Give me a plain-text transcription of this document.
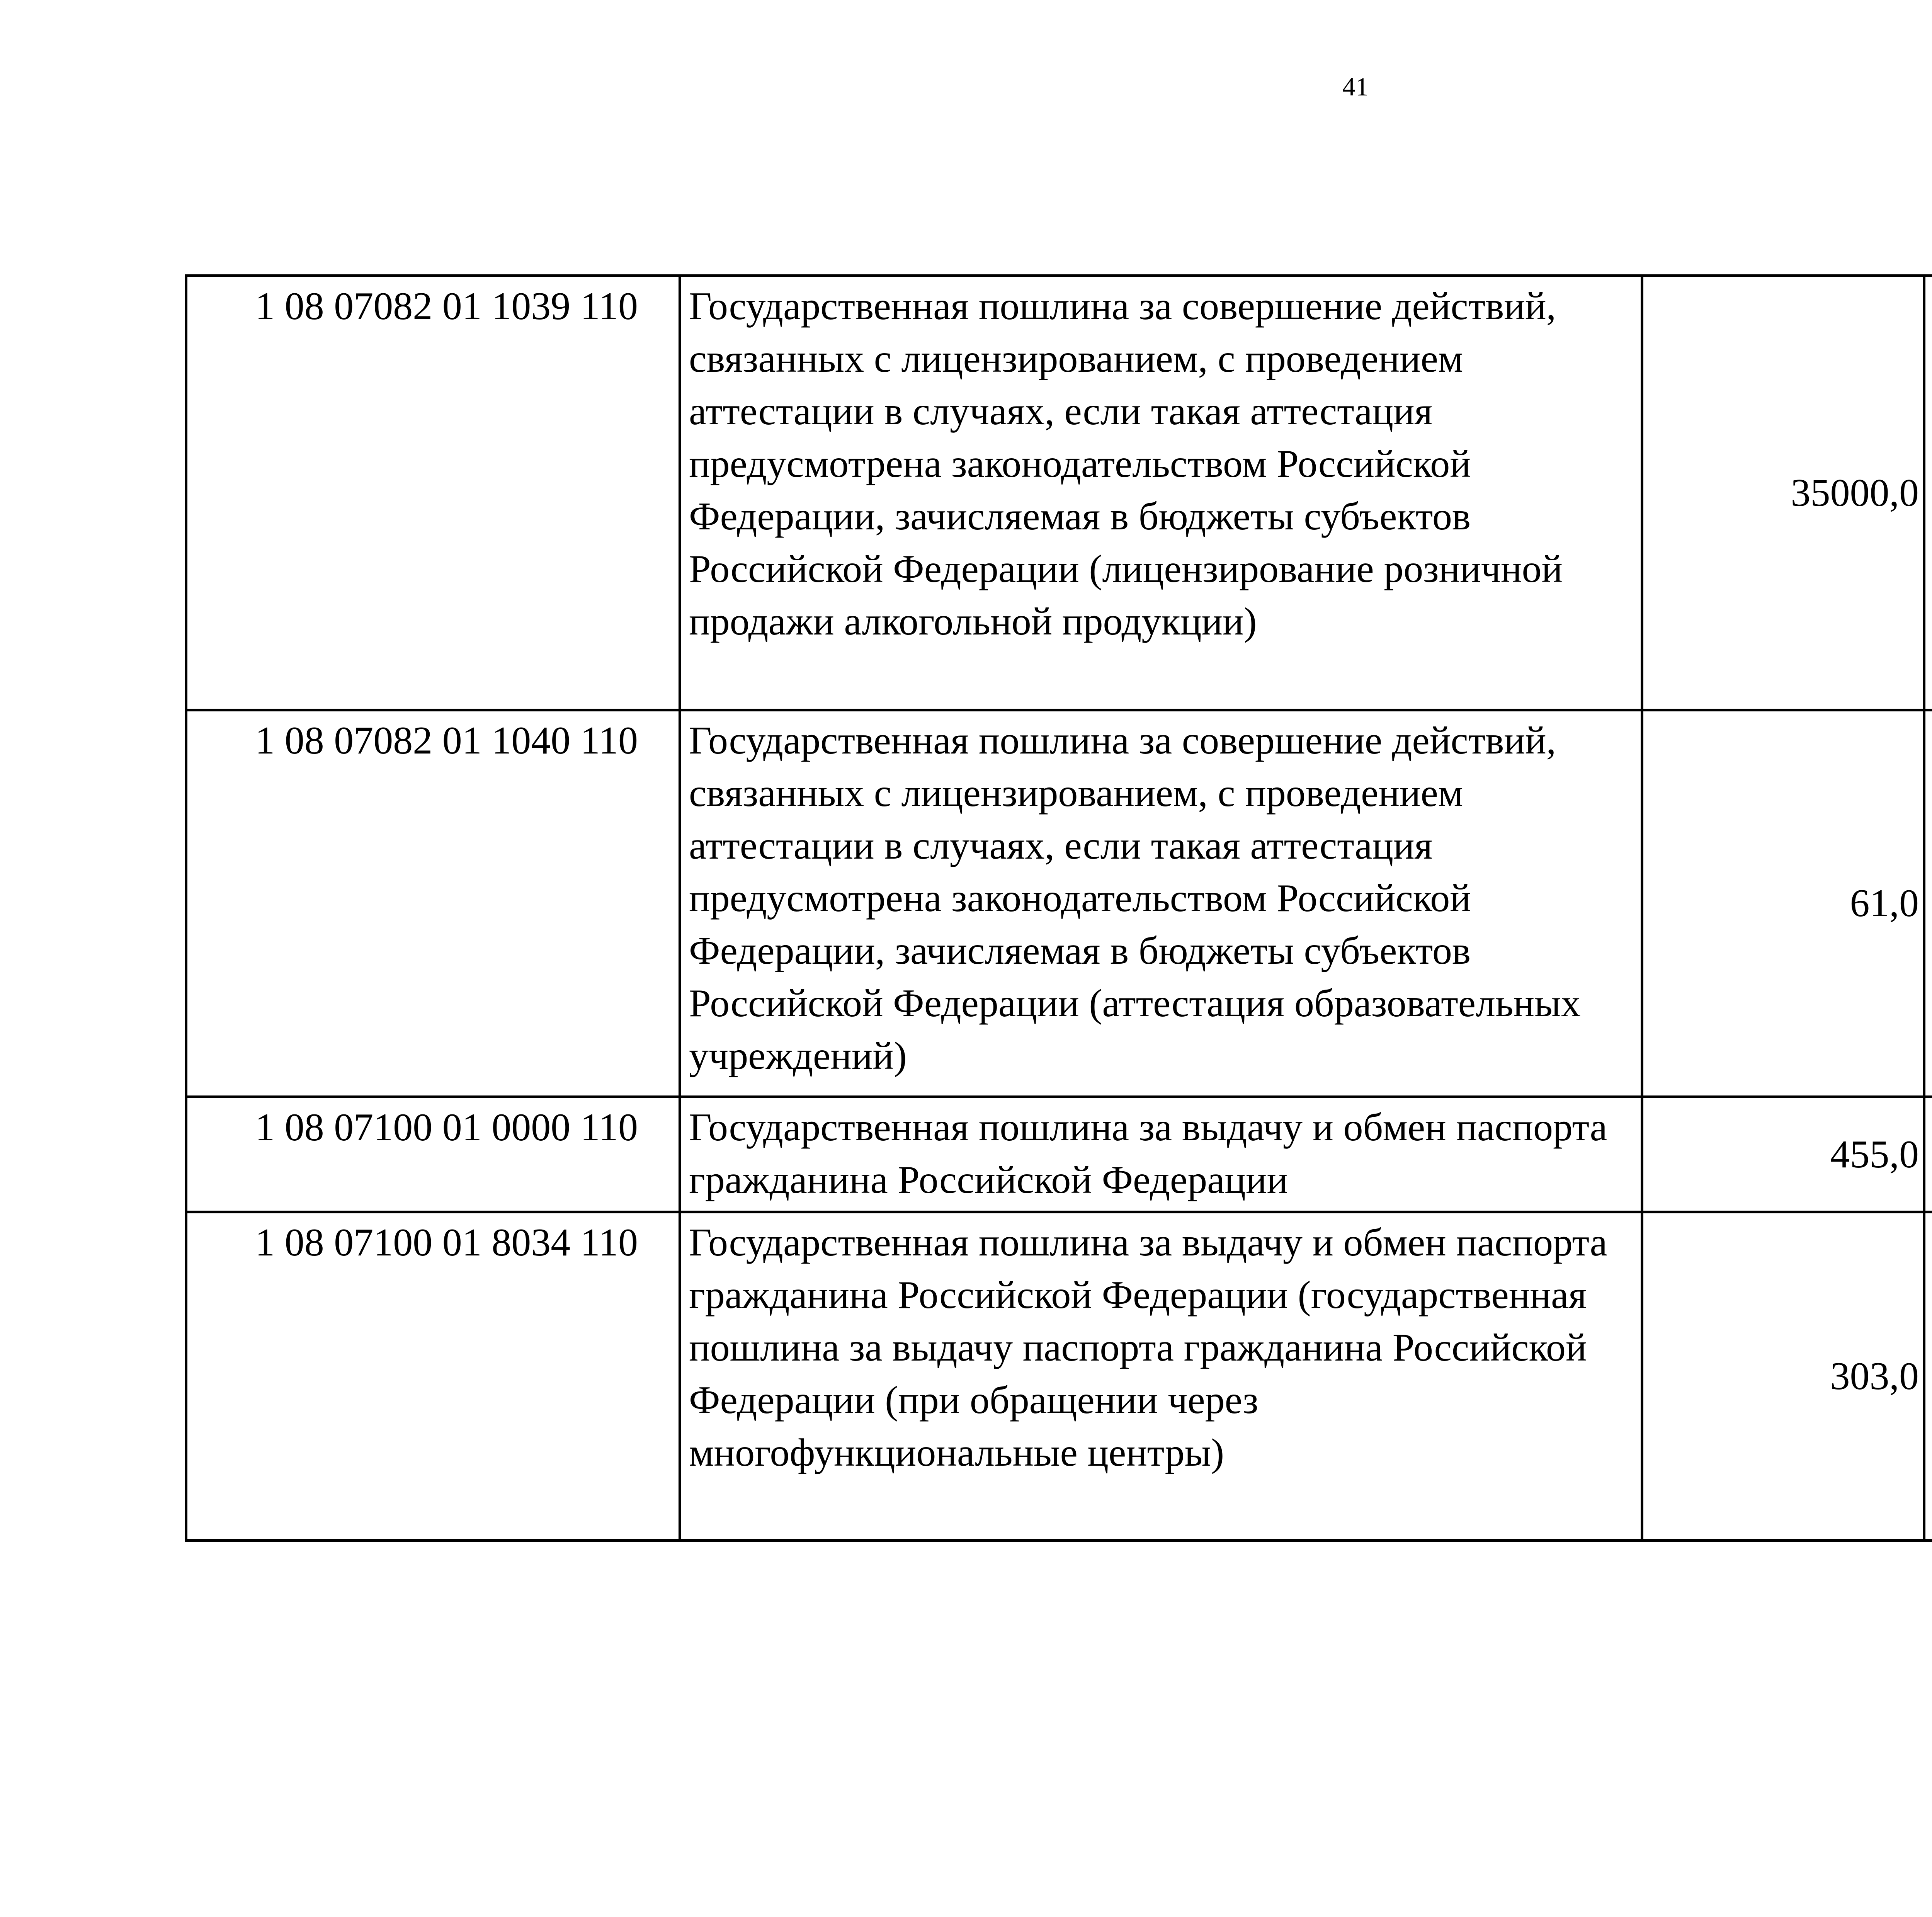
41
1 08 07082 01 1039 110	Государственная пошлина за совершение действий, связанных с лицензированием, с проведением аттестации в случаях, если такая аттестация предусмотрена законодательством Российской Федерации, зачисляемая в бюджеты субъектов Российской Федерации (лицензирование розничной продажи алкогольной продукции)	35000,0		
1 08 07082 01 1040 110	Государственная пошлина за совершение действий, связанных с лицензированием, с проведением аттестации в случаях, если такая аттестация предусмотрена законодательством Российской Федерации, зачисляемая в бюджеты субъектов Российской Федерации (аттестация образовательных учреждений)	61,0		
1 08 07100 01 0000 110	Государственная пошлина за выдачу и обмен паспорта гражданина Российской Федерации	455,0		
1 08 07100 01 8034 110	Государственная пошлина за выдачу и обмен паспорта гражданина Российской Федерации (государственная пошлина за выдачу паспорта гражданина Российской Федерации (при обращении через многофункциональные центры)	303,0		
